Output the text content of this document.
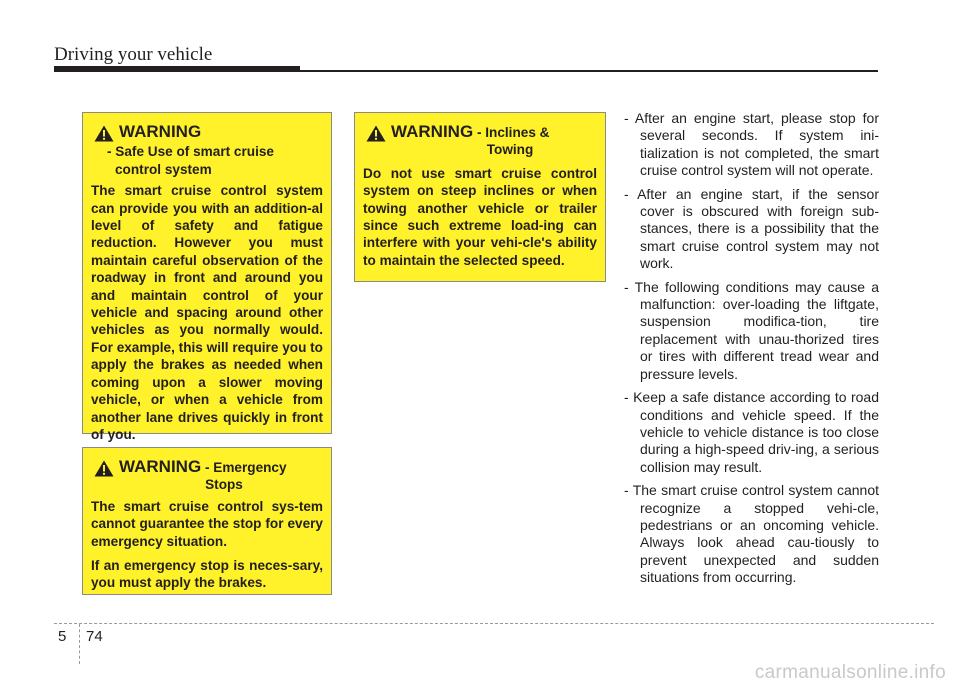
Driving your vehicle
WARNING
- Safe Use of smart cruise
control system

The smart cruise control system can provide you with an addition-al level of safety and fatigue reduction. However you must maintain careful observation of the roadway in front and around you and maintain control of your vehicle and spacing around other vehicles as you normally would. For example, this will require you to apply the brakes as needed when coming upon a slower moving vehicle, or when a vehicle from another lane drives quickly in front of you.

WARNING - Emergency
Stops

The smart cruise control sys-tem cannot guarantee the stop for every emergency situation.

If an emergency stop is neces-sary, you must apply the brakes.

WARNING - Inclines &
Towing

Do not use smart cruise control system on steep inclines or when towing another vehicle or trailer since such extreme load-ing can interfere with your vehi-cle's ability to maintain the selected speed.

- After an engine start, please stop for several seconds. If system ini-tialization is not completed, the smart cruise control system will not operate.

- After an engine start, if the sensor cover is obscured with foreign sub-stances, there is a possibility that the smart cruise control system may not work.

- The following conditions may cause a malfunction: over-loading the liftgate, suspension modifica-tion, tire replacement with unau-thorized tires or tires with different tread wear and pressure levels.

- Keep a safe distance according to road conditions and vehicle speed. If the vehicle to vehicle distance is too close during a high-speed driv-ing, a serious collision may result.

- The smart cruise control system cannot recognize a stopped vehi-cle, pedestrians or an oncoming vehicle. Always look ahead cau-tiously to prevent unexpected and sudden situations from occurring.

5 74
carmanualsonline.info
